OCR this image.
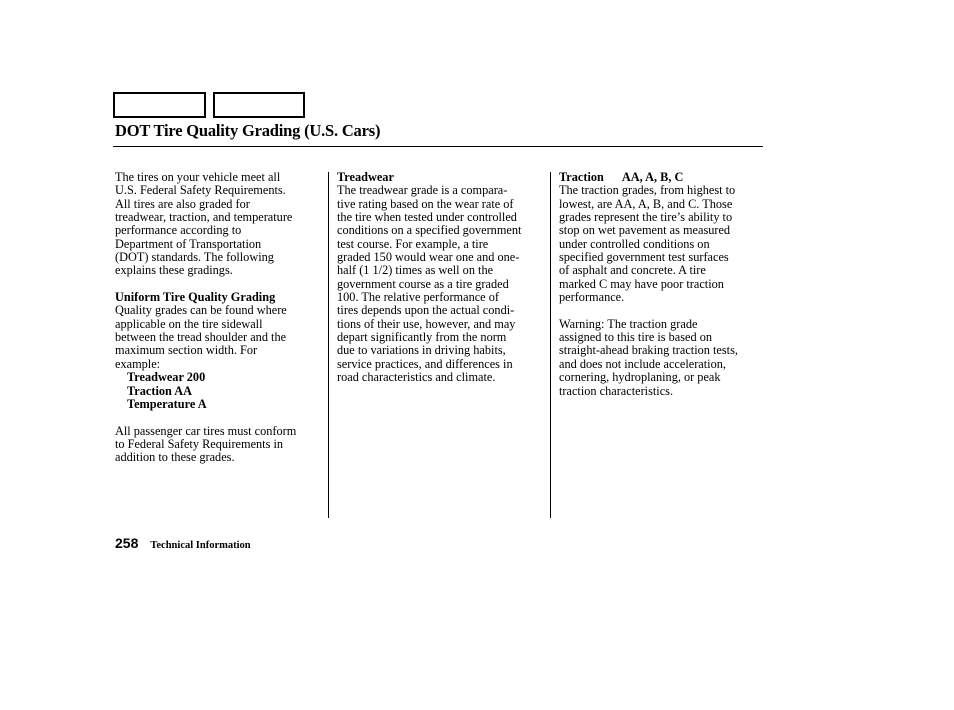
DOT Tire Quality Grading (U.S. Cars)

The tires on your vehicle meet all
U.S. Federal Safety Requirements.
All tires are also graded for
treadwear, traction, and temperature
performance according to
Department of Transportation
(DOT) standards. The following
explains these gradings.

Uniform Tire Quality Grading
Quality grades can be found where
applicable on the tire sidewall
between the tread shoulder and the
maximum section width. For
example:
Treadwear 200
Traction AA
Temperature A

All passenger car tires must conform
to Federal Safety Requirements in
addition to these grades.

Treadwear
The treadwear grade is a compara-
tive rating based on the wear rate of
the tire when tested under controlled
conditions on a specified government
test course. For example, a tire
graded 150 would wear one and one-
half (1 1/2) times as well on the
government course as a tire graded
100. The relative performance of
tires depends upon the actual condi-
tions of their use, however, and may
depart significantly from the norm
due to variations in driving habits,
service practices, and differences in
road characteristics and climate.

Traction AA, A, B, C
The traction grades, from highest to
lowest, are AA, A, B, and C. Those
grades represent the tire’s ability to
stop on wet pavement as measured
under controlled conditions on
specified government test surfaces
of asphalt and concrete. A tire
marked C may have poor traction
performance.

Warning: The traction grade
assigned to this tire is based on
straight-ahead braking traction tests,
and does not include acceleration,
cornering, hydroplaning, or peak
traction characteristics.

258 Technical Information
